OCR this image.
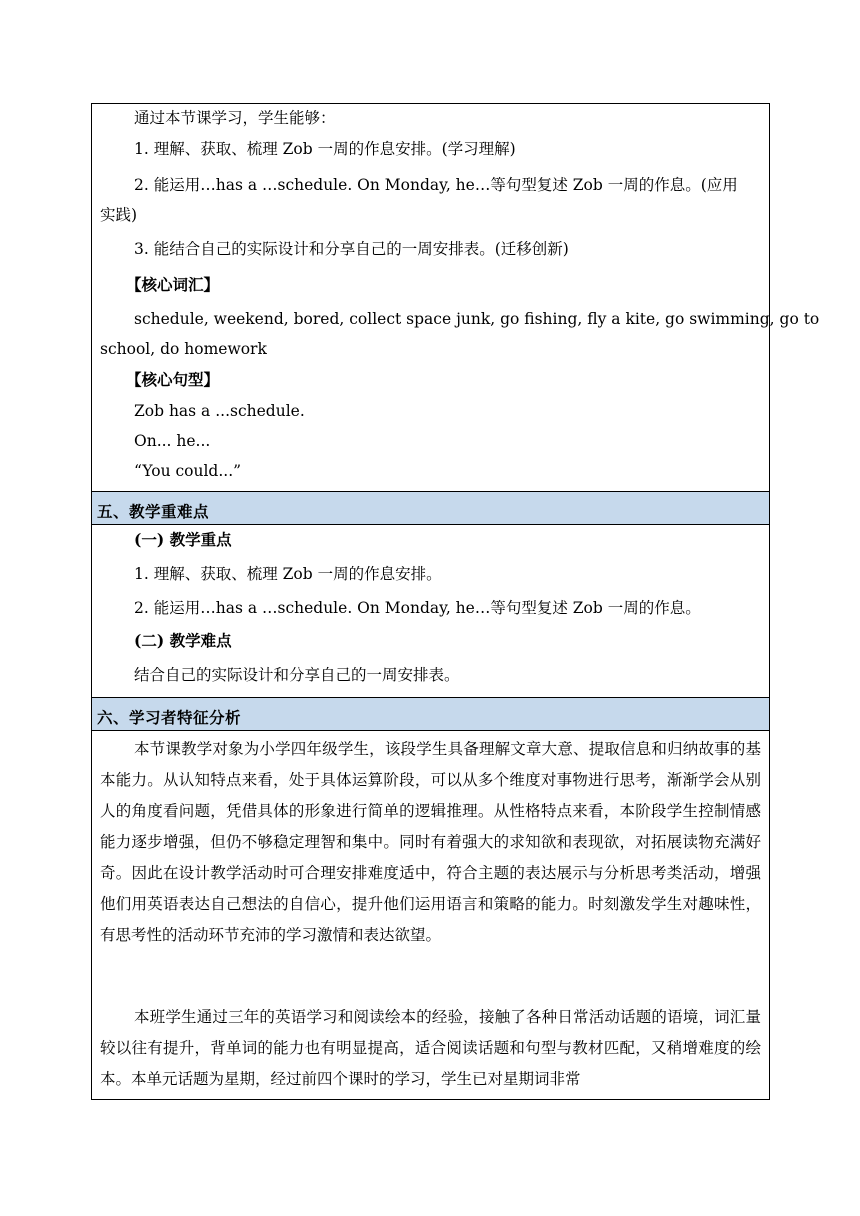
通过本节课学习，学生能够：
1. 理解、获取、梳理 Zob 一周的作息安排。(学习理解)
2. 能运用…has a …schedule. On Monday, he…等句型复述 Zob 一周的作息。(应用
实践)
3. 能结合自己的实际设计和分享自己的一周安排表。(迁移创新)
【核心词汇】
schedule, weekend, bored, collect space junk, go fishing, fly a kite, go swimming, go to
school, do homework
【核心句型】
Zob has a ...schedule.
On... he...
“You could...”
五、教学重难点
(一) 教学重点
1. 理解、获取、梳理 Zob 一周的作息安排。
2. 能运用…has a …schedule. On Monday, he…等句型复述 Zob 一周的作息。
(二) 教学难点
结合自己的实际设计和分享自己的一周安排表。
六、学习者特征分析
本节课教学对象为小学四年级学生，该段学生具备理解文章大意、提取信息和归纳故事的基本能力。从认知特点来看，处于具体运算阶段，可以从多个维度对事物进行思考，渐渐学会从别人的角度看问题，凭借具体的形象进行简单的逻辑推理。从性格特点来看，本阶段学生控制情感能力逐步增强，但仍不够稳定理智和集中。同时有着强大的求知欲和表现欲，对拓展读物充满好奇。因此在设计教学活动时可合理安排难度适中，符合主题的表达展示与分析思考类活动，增强他们用英语表达自己想法的自信心，提升他们运用语言和策略的能力。时刻激发学生对趣味性，有思考性的活动环节充沛的学习激情和表达欲望。
本班学生通过三年的英语学习和阅读绘本的经验，接触了各种日常活动话题的语境，词汇量较以往有提升，背单词的能力也有明显提高，适合阅读话题和句型与教材匹配，又稍增难度的绘本。本单元话题为星期，经过前四个课时的学习，学生已对星期词非常
